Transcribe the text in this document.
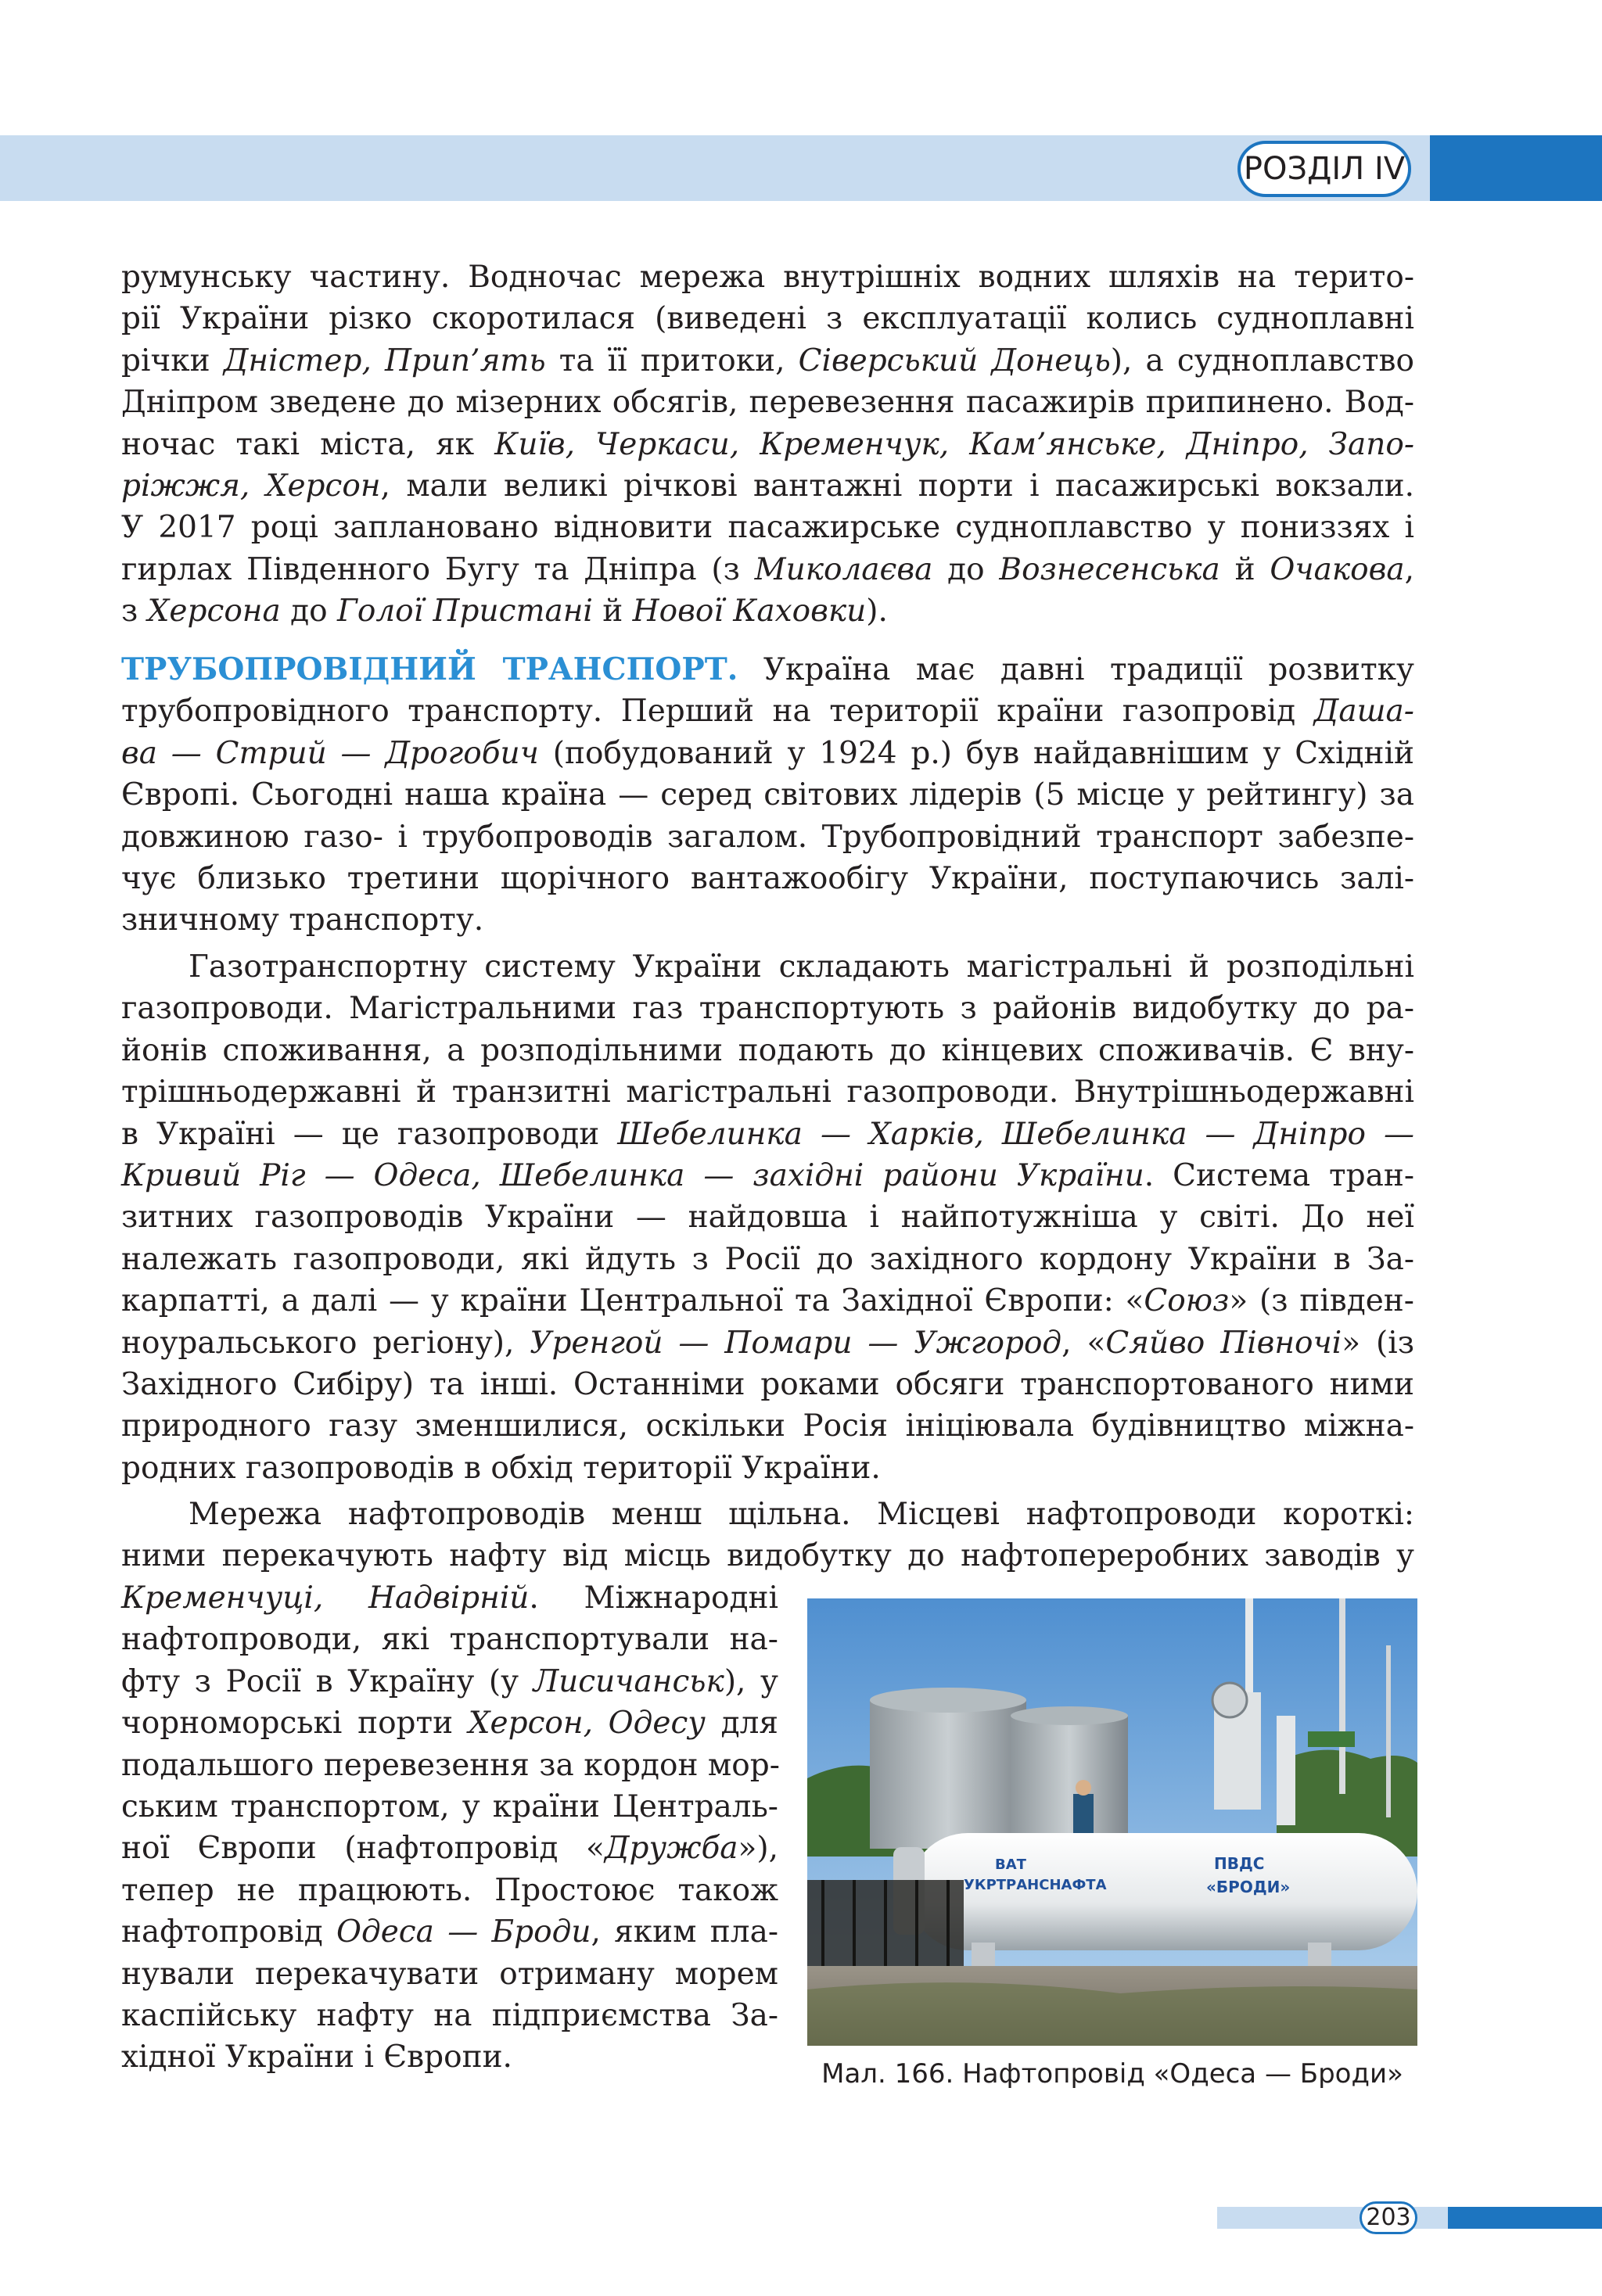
РОЗДІЛ IV
румунську частину. Водночас мережа внутрішніх водних шляхів на терито-
рії України різко скоротилася (виведені з експлуатації колись судноплавні
річки Дністер, Прип’ять та її притоки, Сіверський Донець), а судноплавство
Дніпром зведене до мізерних обсягів, перевезення пасажирів припинено. Вод-
ночас такі міста, як Київ, Черкаси, Кременчук, Кам’янське, Дніпро, Запо-
ріжжя, Херсон, мали великі річкові вантажні порти і пасажирські вокзали.
У 2017 році заплановано відновити пасажирське судноплавство у пониззях і
гирлах Південного Бугу та Дніпра (з Миколаєва до Вознесенська й Очакова,
з Херсона до Голої Пристані й Нової Каховки).
ТРУБОПРОВІДНИЙ ТРАНСПОРТ. Україна має давні традиції розвитку
трубопровідного транспорту. Перший на території країни газопровід Даша-
ва — Стрий — Дрогобич (побудований у 1924 р.) був найдавнішим у Східній
Європі. Сьогодні наша країна — серед світових лідерів (5 місце у рейтингу) за
довжиною газо- і трубопроводів загалом. Трубопровідний транспорт забезпе-
чує близько третини щорічного вантажообігу України, поступаючись залі-
зничному транспорту.
Газотранспортну систему України складають магістральні й розподільні
газопроводи. Магістральними газ транспортують з районів видобутку до ра-
йонів споживання, а розподільними подають до кінцевих споживачів. Є вну-
трішньодержавні й транзитні магістральні газопроводи. Внутрішньодержавні
в Україні — це газопроводи Шебелинка — Харків, Шебелинка — Дніпро —
Кривий Ріг — Одеса, Шебелинка — західні райони України. Система тран-
зитних газопроводів України — найдовша і найпотужніша у світі. До неї
належать газопроводи, які йдуть з Росії до західного кордону України в За-
карпатті, а далі — у країни Центральної та Західної Європи: «Союз» (з півден-
ноуральського регіону), Уренгой — Помари — Ужгород, «Сяйво Півночі» (із
Західного Сибіру) та інші. Останніми роками обсяги транспортованого ними
природного газу зменшилися, оскільки Росія ініціювала будівництво міжна-
родних газопроводів в обхід території України.
Мережа нафтопроводів менш щільна. Місцеві нафтопроводи короткі:
ними перекачують нафту від місць видобутку до нафтопереробних заводів у
Кременчуці, Надвірній. Міжнародні
нафтопроводи, які транспортували на-
фту з Росії в Україну (у Лисичанськ), у
чорноморські порти Херсон, Одесу для
подальшого перевезення за кордон мор-
ським транспортом, у країни Централь-
ної Європи (нафтопровід «Дружба»),
тепер не працюють. Простоює також
нафтопровід Одеса — Броди, яким пла-
нували перекачувати отриману морем
каспійську нафту на підприємства За-
хідної України і Європи.
ВАТ
УКРТРАНСНАФТА
ПВДС
«БРОДИ»
Мал. 166. Нафтопровід «Одеса — Броди»
203
